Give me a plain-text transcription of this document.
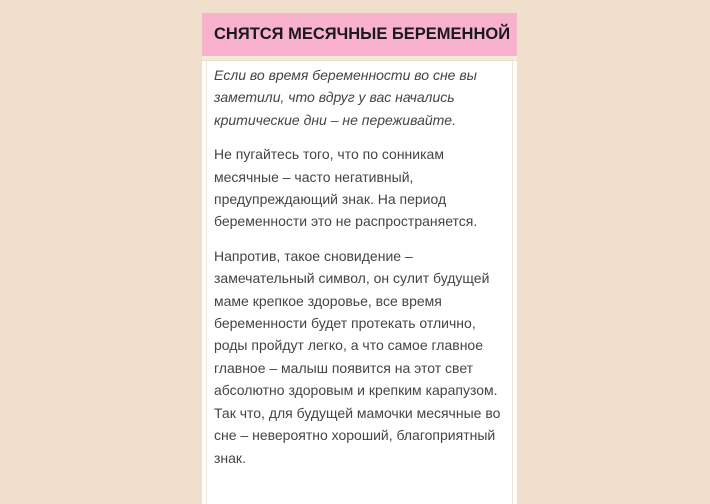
СНЯТСЯ МЕСЯЧНЫЕ БЕРЕМЕННОЙ

Если во время беременности во сне вы заметили, что вдруг у вас начались критические дни – не переживайте.

Не пугайтесь того, что по сонникам месячные – часто негативный, предупреждающий знак. На период беременности это не распространяется.

Напротив, такое сновидение – замечательный символ, он сулит будущей маме крепкое здоровье, все время беременности будет протекать отлично, роды пройдут легко, а что самое главное главное – малыш появится на этот свет абсолютно здоровым и крепким карапузом. Так что, для будущей мамочки месячные во сне – невероятно хороший, благоприятный знак.
